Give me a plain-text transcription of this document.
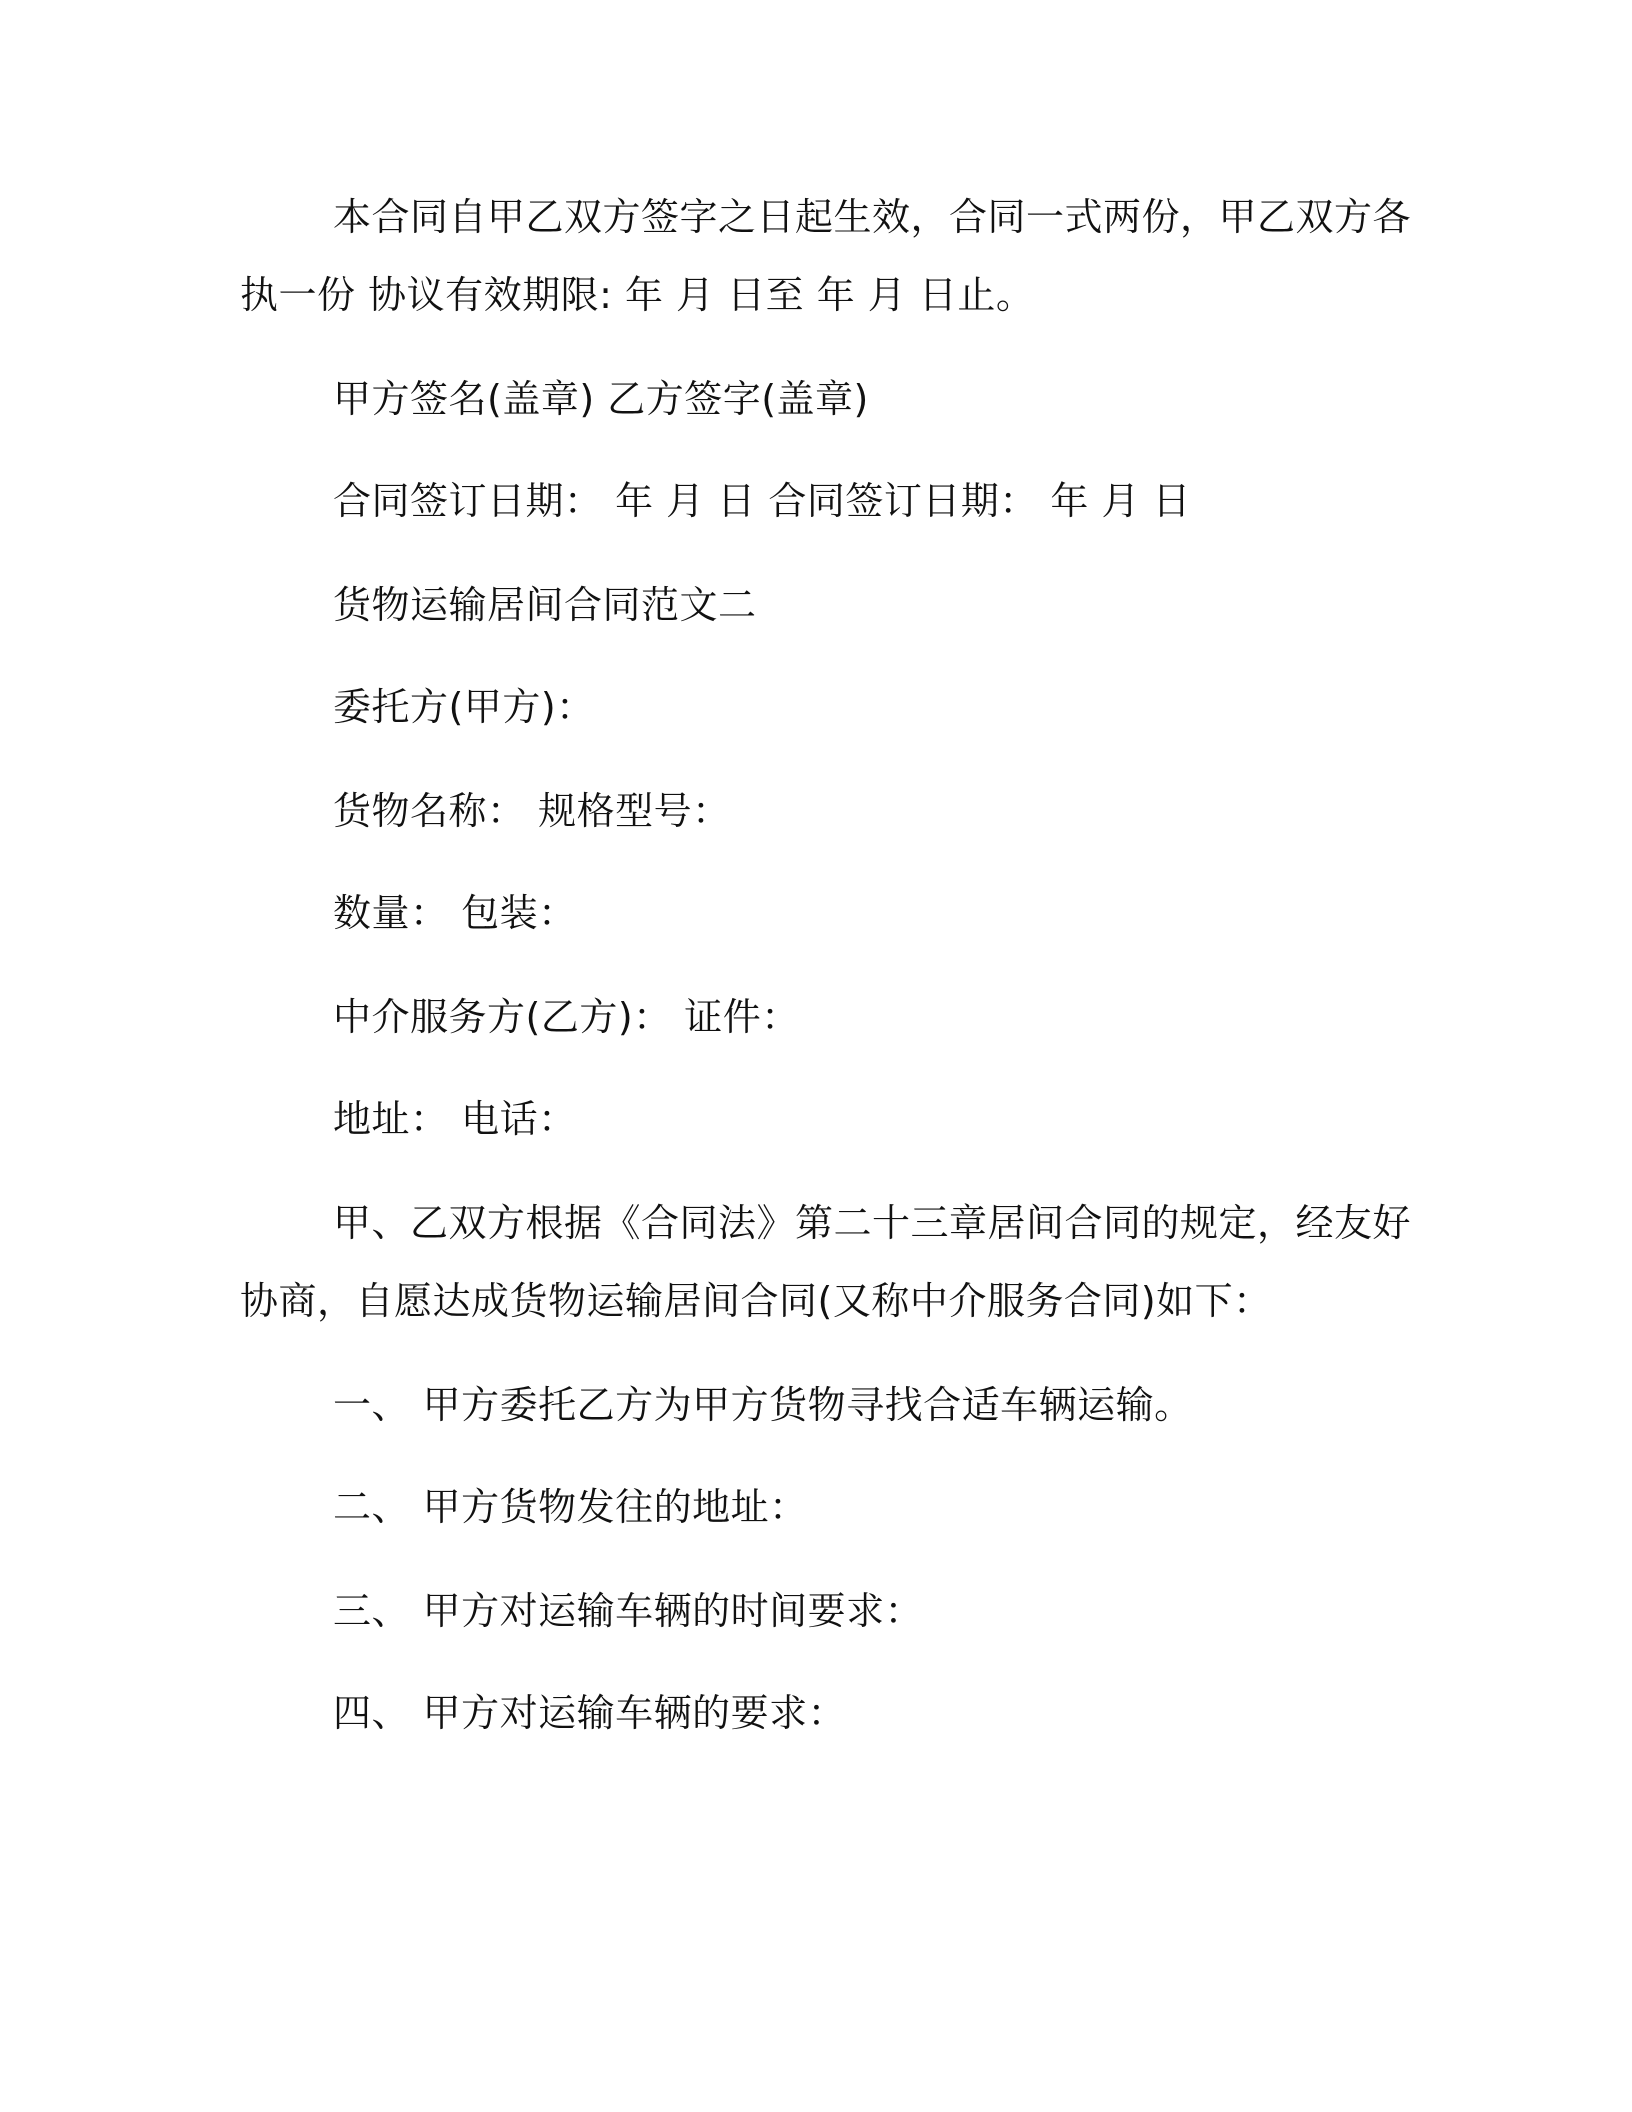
本合同自甲乙双方签字之日起生效，合同一式两份，甲乙双方各
执一份 协议有效期限: 年 月 日至 年 月 日止。
甲方签名(盖章) 乙方签字(盖章)
合同签订日期： 年 月 日 合同签订日期： 年 月 日
货物运输居间合同范文二
委托方(甲方)：
货物名称： 规格型号：
数量： 包装：
中介服务方(乙方)： 证件：
地址： 电话：
甲、乙双方根据《合同法》第二十三章居间合同的规定，经友好
协商，自愿达成货物运输居间合同(又称中介服务合同)如下：
一、 甲方委托乙方为甲方货物寻找合适车辆运输。
二、 甲方货物发往的地址：
三、 甲方对运输车辆的时间要求：
四、 甲方对运输车辆的要求：
